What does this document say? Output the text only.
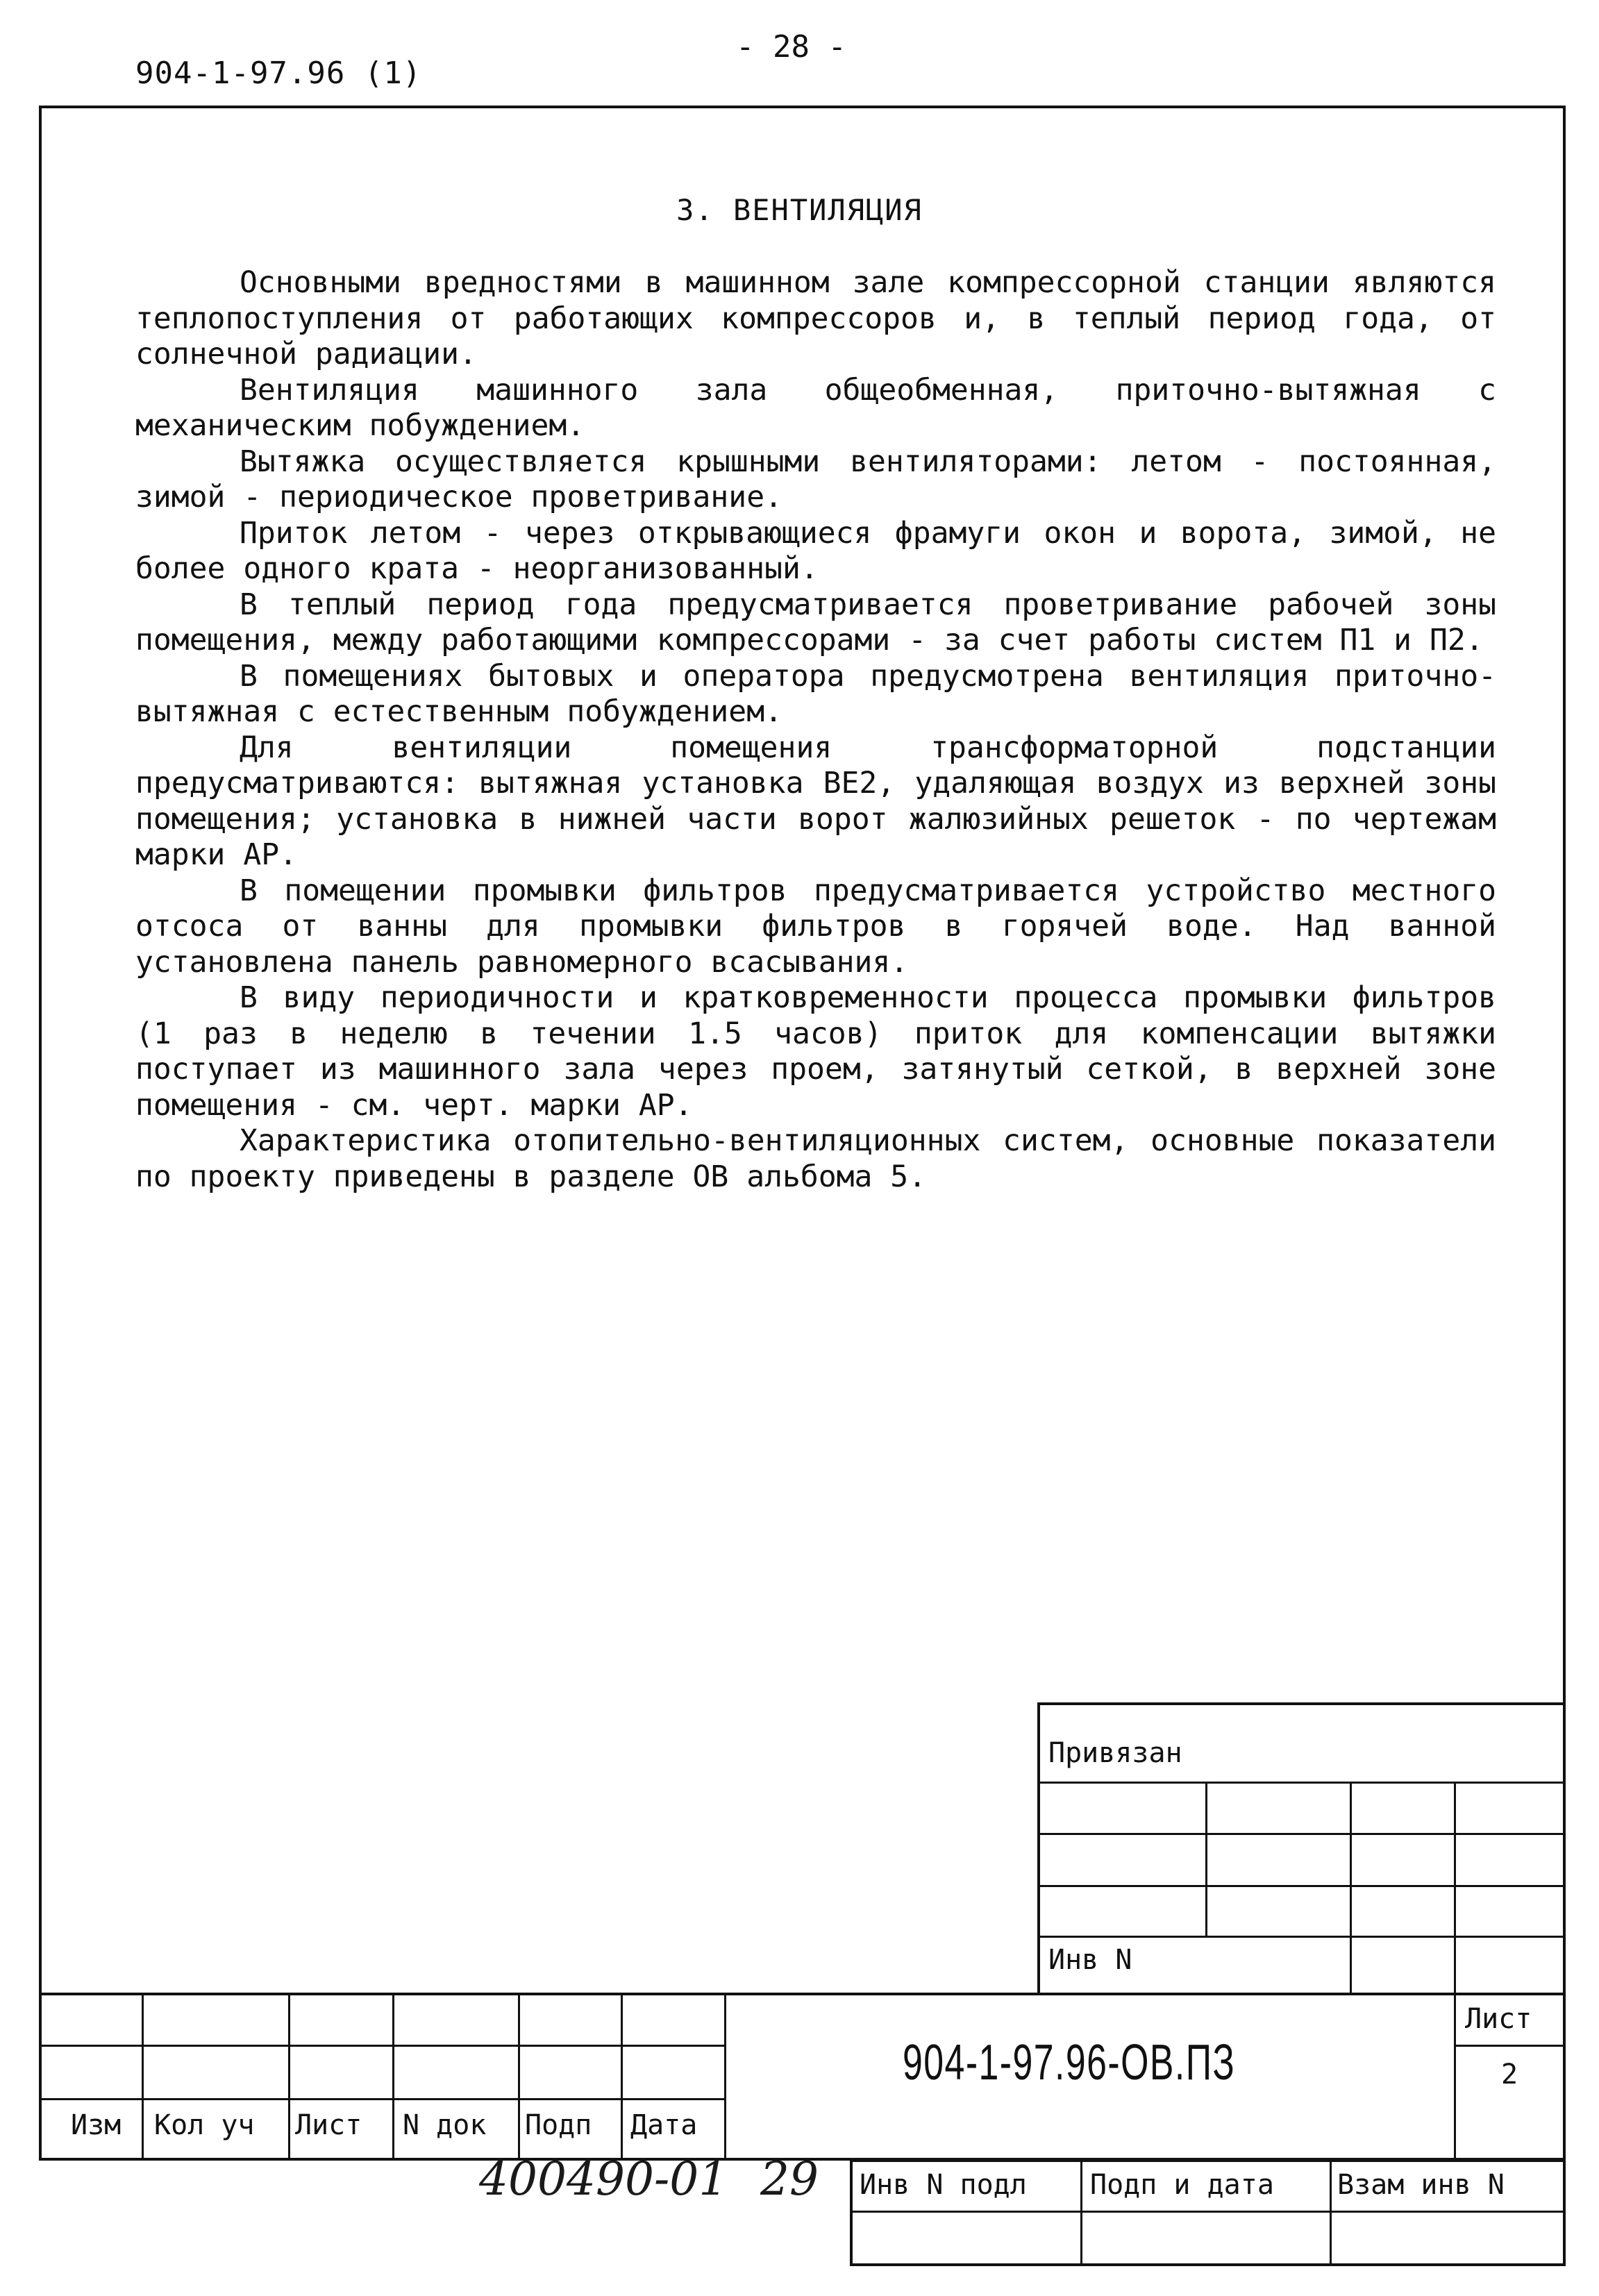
904-1-97.96 (1)
- 28 -
3. ВЕНТИЛЯЦИЯ

Основными вредностями в машинном зале компрессорной станции являются теплопоступления от работающих компрессоров и, в теплый период года, от солнечной радиации.

Вентиляция машинного зала общеобменная, приточно-вытяжная с механическим побуждением.

Вытяжка осуществляется крышными вентиляторами: летом - постоянная, зимой - периодическое проветривание.

Приток летом - через открывающиеся фрамуги окон и ворота, зимой, не более одного крата - неорганизованный.

В теплый период года предусматривается проветривание рабочей зоны помещения, между работающими компрессорами - за счет работы систем П1 и П2.

В помещениях бытовых и оператора предусмотрена вентиляция приточно-вытяжная с естественным побуждением.

Для вентиляции помещения трансформаторной подстанции предусматриваются: вытяжная установка ВЕ2, удаляющая воздух из верхней зоны помещения; установка в нижней части ворот жалюзийных решеток - по чертежам марки АР.

В помещении промывки фильтров предусматривается устройство местного отсоса от ванны для промывки фильтров в горячей воде. Над ванной установлена панель равномерного всасывания.

В виду периодичности и кратковременности процесса промывки фильтров (1 раз в неделю в течении 1.5 часов) приток для компенсации вытяжки поступает из машинного зала через проем, затянутый сеткой, в верхней зоне помещения - см. черт. марки АР.

Характеристика отопительно-вентиляционных систем, основные показатели по проекту приведены в разделе ОВ альбома 5.

Привязан
Инв N
904-1-97.96-ОВ.ПЗ
Лист
2
Изм Кол уч Лист N док Подп Дата
Инв N подл Подп и дата Взам инв N
400490-01 29
